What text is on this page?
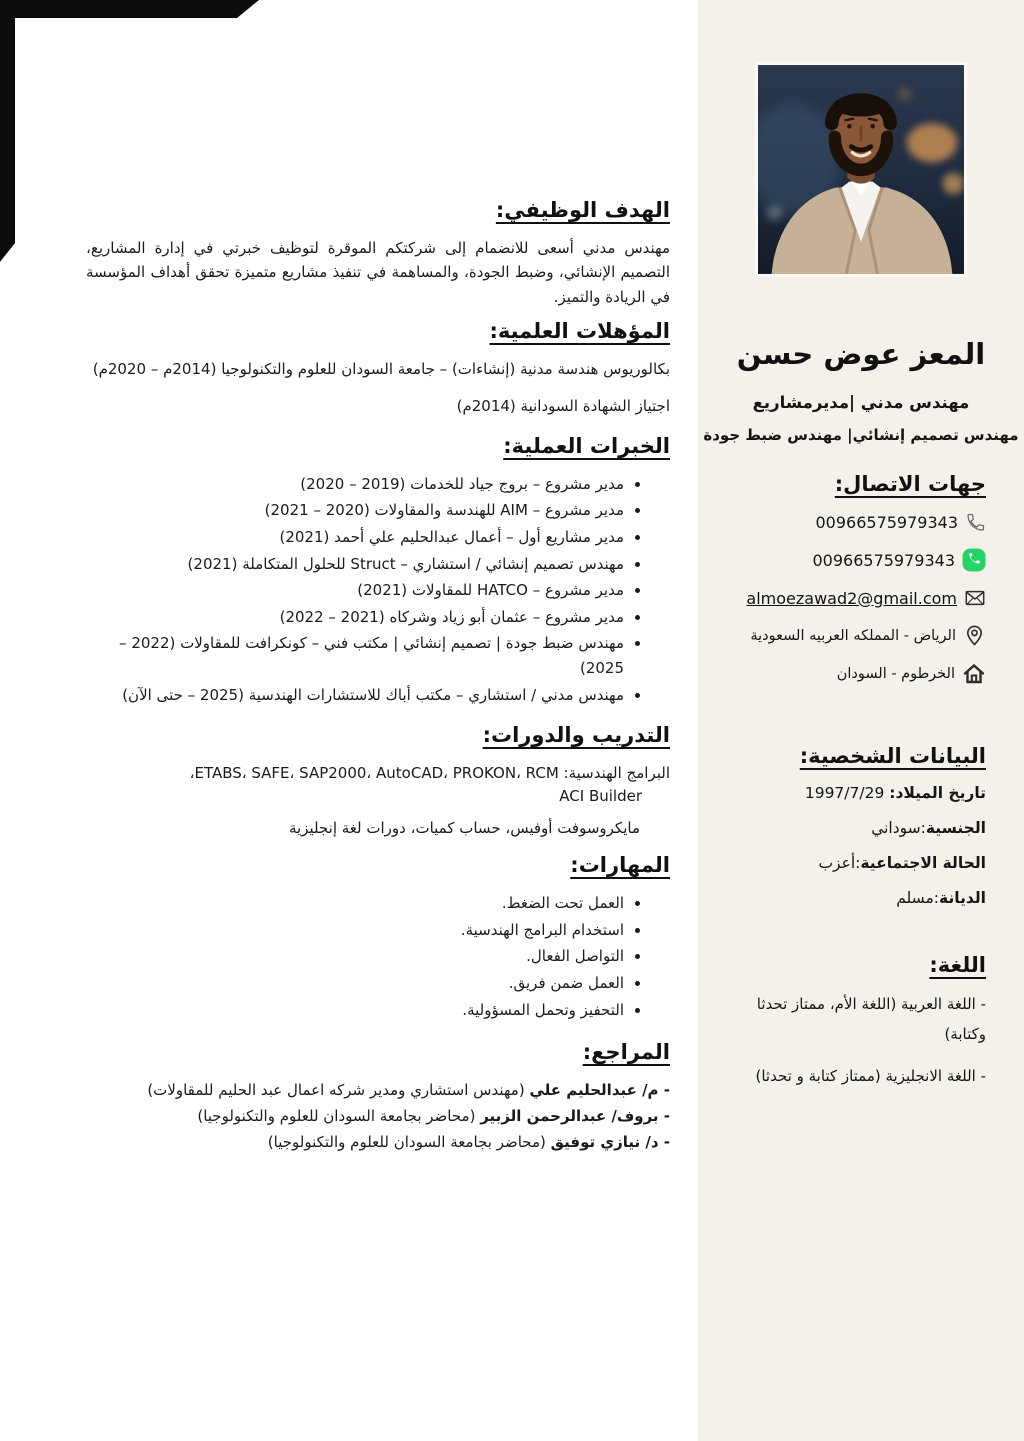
المعز عوض حسن
مهندس مدني |مديرمشاريع
مهندس تصميم إنشائي| مهندس ضبط جودة
جهات الاتصال:
00966575979343
00966575979343
almoezawad2@gmail.com
الرياض - المملكه العربيه السعودية
الخرطوم - السودان
البيانات الشخصية:
تاريخ الميلاد: 1997/7/29
الجنسية:سوداني
الحالة الاجتماعية:أعزب
الديانة:مسلم
اللغة:
- اللغة العربية (اللغة الأم، ممتاز تحدثا وكتابة)
- اللغة الانجليزية (ممتاز كتابة و تحدثا)
الهدف الوظيفي:

مهندس مدني أسعى للانضمام إلى شركتكم الموقرة لتوظيف خبرتي في إدارة المشاريع، التصميم الإنشائي، وضبط الجودة، والمساهمة في تنفيذ مشاريع متميزة تحقق أهداف المؤسسة في الريادة والتميز.

المؤهلات العلمية:

بكالوريوس هندسة مدنية (إنشاءات) – جامعة السودان للعلوم والتكنولوجيا (2014م – 2020م)

اجتياز الشهادة السودانية (2014م)

الخبرات العملية:
• مدير مشروع – بروج جياد للخدمات (2019 – 2020)
• مدير مشروع – AIM للهندسة والمقاولات (2020 – 2021)
• مدير مشاريع أول – أعمال عبدالحليم علي أحمد (2021)
• مهندس تصميم إنشائي / استشاري – Struct للحلول المتكاملة (2021)
• مدير مشروع – HATCO للمقاولات (2021)
• مدير مشروع – عثمان أبو زياد وشركاه (2021 – 2022)
• مهندس ضبط جودة | تصميم إنشائي | مكتب فني – كونكرافت للمقاولات (2022 – 2025)
• مهندس مدني / استشاري – مكتب أباك للاستشارات الهندسية (2025 – حتى الآن)
التدريب والدورات:

البرامج الهندسية: ETABS، SAFE، SAP2000، AutoCAD، PROKON، RCM،

ACI Builder

مايكروسوفت أوفيس، حساب كميات، دورات لغة إنجليزية

المهارات:
• العمل تحت الضغط.
• استخدام البرامج الهندسية.
• التواصل الفعال.
• العمل ضمن فريق.
• التحفيز وتحمل المسؤولية.
المراجع:
- م/ عبدالحليم علي (مهندس استشاري ومدير شركه اعمال عبد الحليم للمقاولات)
- بروف/ عبدالرحمن الزبير (محاضر بجامعة السودان للعلوم والتكنولوجيا)
- د/ نيازي توفيق (محاضر بجامعة السودان للعلوم والتكنولوجيا)
